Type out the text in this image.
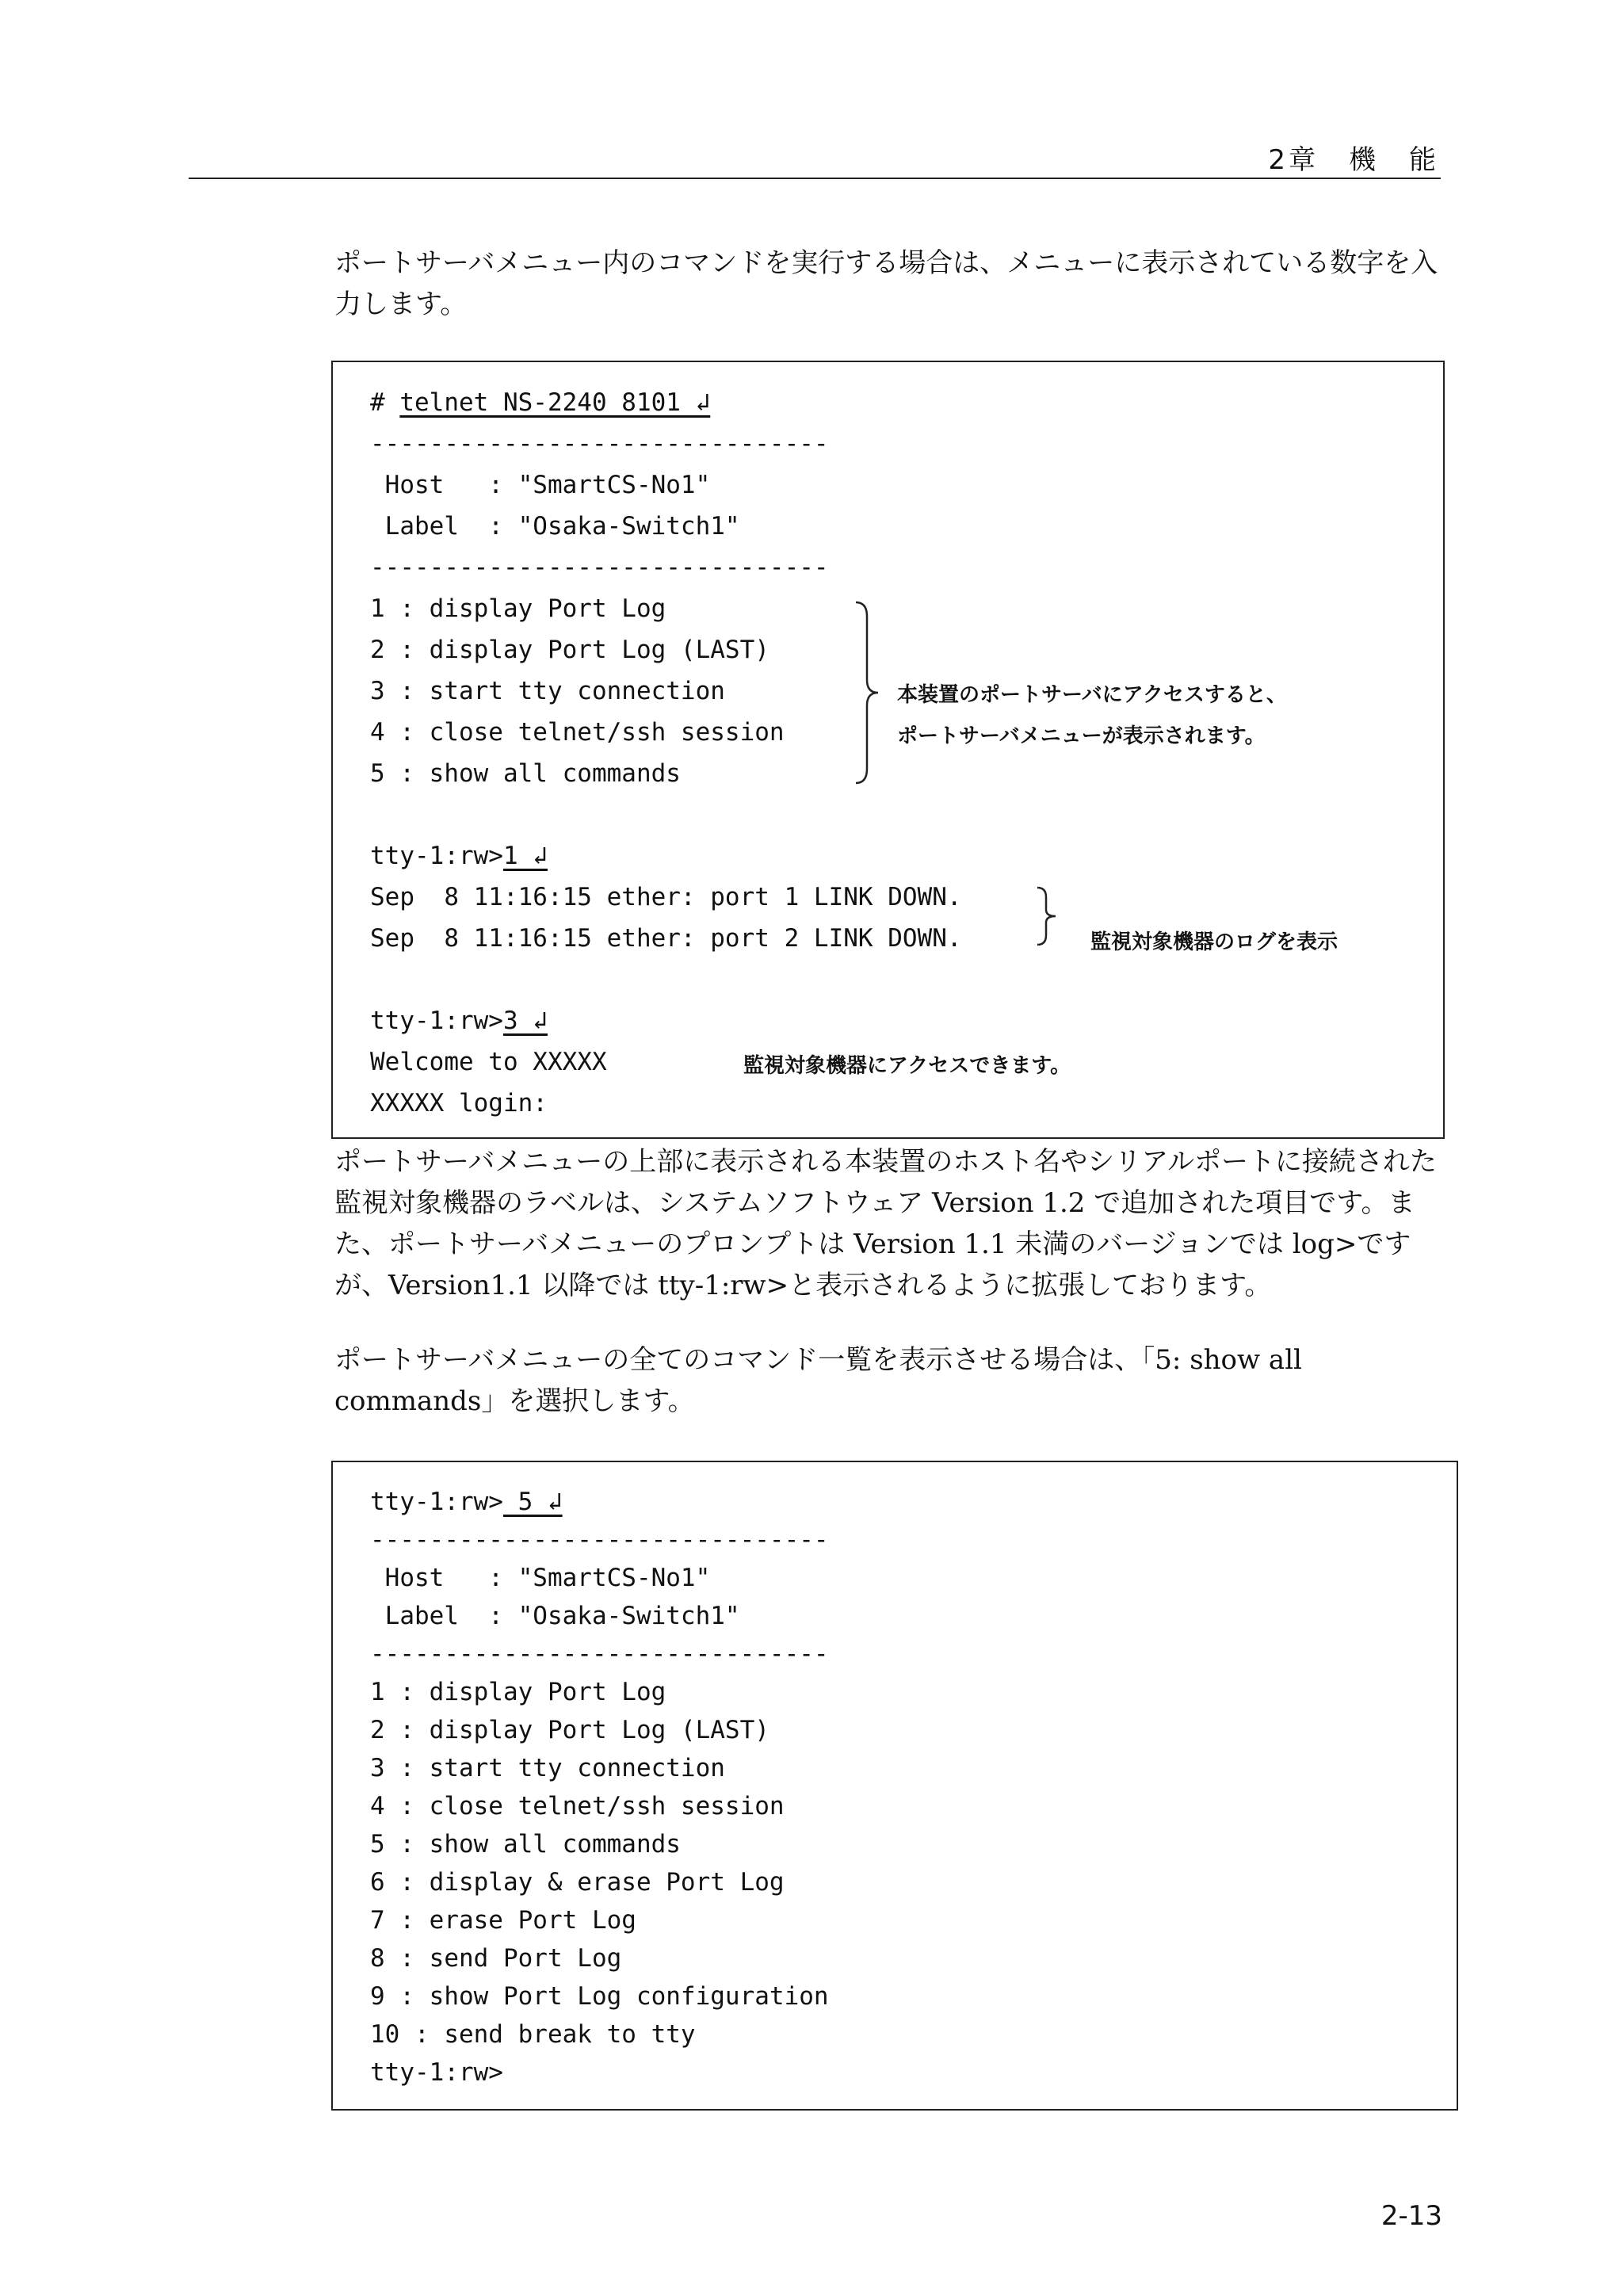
2章　機　能

ポートサーバメニュー内のコマンドを実行する場合は、メニューに表示されている数字を入力します。

# telnet NS-2240 8101 ↲
-------------------------------
Host   : "SmartCS-No1"
Label  : "Osaka-Switch1"
-------------------------------
1 : display Port Log
2 : display Port Log (LAST)
3 : start tty connection
4 : close telnet/ssh session
5 : show all commands
本装置のポートサーバにアクセスすると、
ポートサーバメニューが表示されます。
tty-1:rw>1 ↲
Sep  8 11:16:15 ether: port 1 LINK DOWN.
Sep  8 11:16:15 ether: port 2 LINK DOWN.	監視対象機器のログを表示
tty-1:rw>3 ↲
Welcome to XXXXX	監視対象機器にアクセスできます。
XXXXX login:

ポートサーバメニューの上部に表示される本装置のホスト名やシリアルポートに接続された監視対象機器のラベルは、システムソフトウェア Version 1.2 で追加された項目です。また、ポートサーバメニューのプロンプトは Version 1.1 未満のバージョンでは log>ですが、Version1.1 以降では tty-1:rw>と表示されるように拡張しております。

ポートサーバメニューの全てのコマンド一覧を表示させる場合は、「5: show all commands」を選択します。

tty-1:rw> 5 ↲
-------------------------------
Host   : "SmartCS-No1"
Label  : "Osaka-Switch1"
-------------------------------
1 : display Port Log
2 : display Port Log (LAST)
3 : start tty connection
4 : close telnet/ssh session
5 : show all commands
6 : display & erase Port Log
7 : erase Port Log
8 : send Port Log
9 : show Port Log configuration
10 : send break to tty
tty-1:rw>
2-13
